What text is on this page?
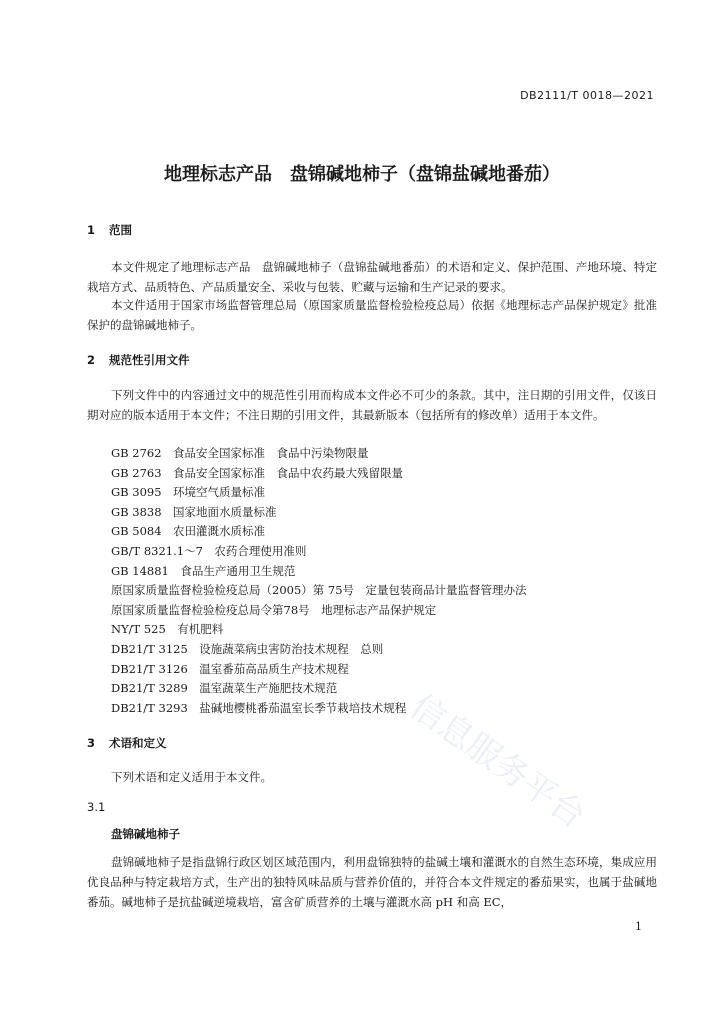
DB2111/T 0018—2021
地理标志产品　盘锦碱地柿子（盘锦盐碱地番茄）
1 范围

本文件规定了地理标志产品　盘锦碱地柿子（盘锦盐碱地番茄）的术语和定义、保护范围、产地环境、特定栽培方式、品质特色、产品质量安全、采收与包装、贮藏与运输和生产记录的要求。

本文件适用于国家市场监督管理总局（原国家质量监督检验检疫总局）依据《地理标志产品保护规定》批准保护的盘锦碱地柿子。

2 规范性引用文件

下列文件中的内容通过文中的规范性引用而构成本文件必不可少的条款。其中，注日期的引用文件，仅该日期对应的版本适用于本文件；不注日期的引用文件，其最新版本（包括所有的修改单）适用于本文件。

GB 2762　食品安全国家标准　食品中污染物限量
GB 2763　食品安全国家标准　食品中农药最大残留限量
GB 3095　环境空气质量标准
GB 3838　国家地面水质量标准
GB 5084　农田灌溉水质标准
GB/T 8321.1～7　农药合理使用准则
GB 14881　食品生产通用卫生规范
原国家质量监督检验检疫总局（2005）第 75号　定量包装商品计量监督管理办法
原国家质量监督检验检疫总局令第78号　地理标志产品保护规定
NY/T 525　有机肥料
DB21/T 3125　设施蔬菜病虫害防治技术规程　总则
DB21/T 3126　温室番茄高品质生产技术规程
DB21/T 3289　温室蔬菜生产施肥技术规范
DB21/T 3293　盐碱地樱桃番茄温室长季节栽培技术规程
3 术语和定义

下列术语和定义适用于本文件。

3.1
盘锦碱地柿子

盘锦碱地柿子是指盘锦行政区划区域范围内，利用盘锦独特的盐碱土壤和灌溉水的自然生态环境，集成应用优良品种与特定栽培方式，生产出的独特风味品质与营养价值的，并符合本文件规定的番茄果实，也属于盐碱地番茄。碱地柿子是抗盐碱逆境栽培，富含矿质营养的土壤与灌溉水高 pH 和高 EC，

1
信息服务平台
